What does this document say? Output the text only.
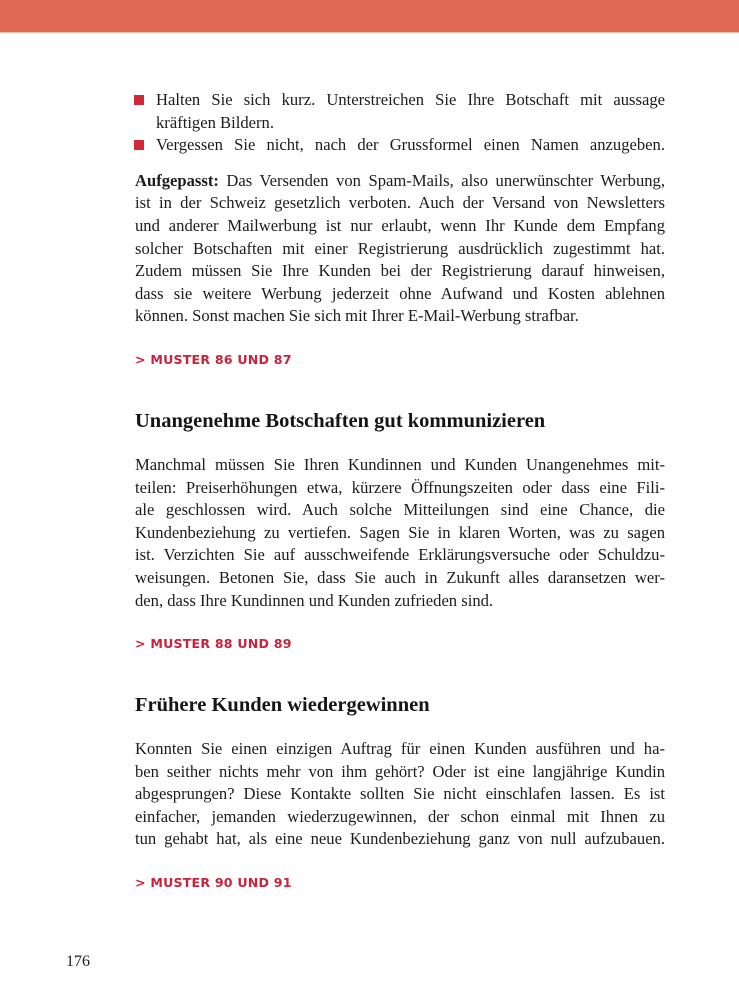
Halten Sie sich kurz. Unterstreichen Sie Ihre Botschaft mit aussage
kräftigen Bildern.
Vergessen Sie nicht, nach der Grussformel einen Namen anzugeben.
Aufgepasst: Das Versenden von Spam-Mails, also unerwünschter Werbung,
ist in der Schweiz gesetzlich verboten. Auch der Versand von Newsletters
und anderer Mailwerbung ist nur erlaubt, wenn Ihr Kunde dem Empfang
solcher Botschaften mit einer Registrierung ausdrücklich zugestimmt hat.
Zudem müssen Sie Ihre Kunden bei der Registrierung darauf hinweisen,
dass sie weitere Werbung jederzeit ohne Aufwand und Kosten ablehnen
können. Sonst machen Sie sich mit Ihrer E-Mail-Werbung strafbar.
> MUSTER 86 UND 87
Unangenehme Botschaften gut kommunizieren
Manchmal müssen Sie Ihren Kundinnen und Kunden Unangenehmes mit-
teilen: Preiserhöhungen etwa, kürzere Öffnungszeiten oder dass eine Fili-
ale geschlossen wird. Auch solche Mitteilungen sind eine Chance, die
Kundenbeziehung zu vertiefen. Sagen Sie in klaren Worten, was zu sagen
ist. Verzichten Sie auf ausschweifende Erklärungsversuche oder Schuldzu-
weisungen. Betonen Sie, dass Sie auch in Zukunft alles daransetzen wer-
den, dass Ihre Kundinnen und Kunden zufrieden sind.
> MUSTER 88 UND 89
Frühere Kunden wiedergewinnen
Konnten Sie einen einzigen Auftrag für einen Kunden ausführen und ha-
ben seither nichts mehr von ihm gehört? Oder ist eine langjährige Kundin
abgesprungen? Diese Kontakte sollten Sie nicht einschlafen lassen. Es ist
einfacher, jemanden wiederzugewinnen, der schon einmal mit Ihnen zu
tun gehabt hat, als eine neue Kundenbeziehung ganz von null aufzubauen.
> MUSTER 90 UND 91
176
